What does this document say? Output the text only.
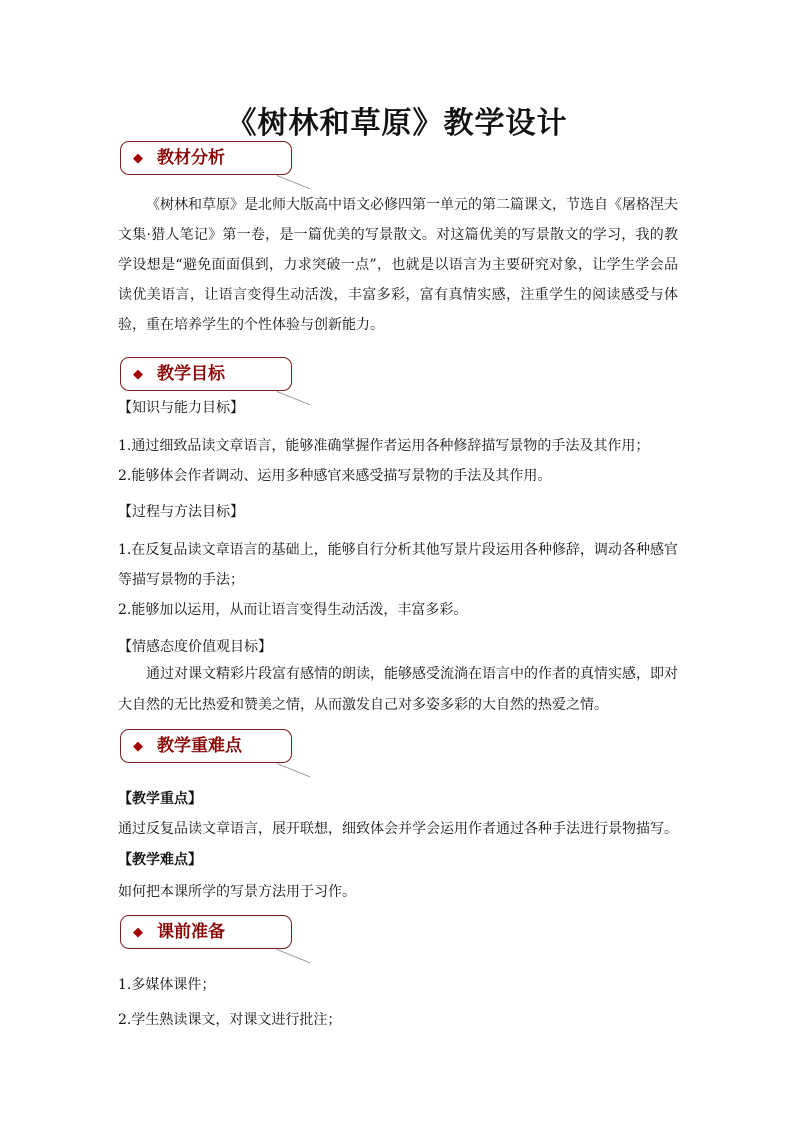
《树林和草原》教学设计
◆ 教材分析

《树林和草原》是北师大版高中语文必修四第一单元的第二篇课文，节选自《屠格涅夫文集·猎人笔记》第一卷，是一篇优美的写景散文。对这篇优美的写景散文的学习，我的教学设想是“避免面面俱到，力求突破一点”，也就是以语言为主要研究对象，让学生学会品读优美语言，让语言变得生动活泼，丰富多彩，富有真情实感，注重学生的阅读感受与体验，重在培养学生的个性体验与创新能力。

◆ 教学目标

【知识与能力目标】

1.通过细致品读文章语言，能够准确掌握作者运用各种修辞描写景物的手法及其作用；

2.能够体会作者调动、运用多种感官来感受描写景物的手法及其作用。

【过程与方法目标】

1.在反复品读文章语言的基础上，能够自行分析其他写景片段运用各种修辞，调动各种感官等描写景物的手法；

2.能够加以运用，从而让语言变得生动活泼，丰富多彩。

【情感态度价值观目标】

通过对课文精彩片段富有感情的朗读，能够感受流淌在语言中的作者的真情实感，即对大自然的无比热爱和赞美之情，从而激发自己对多姿多彩的大自然的热爱之情。

◆ 教学重难点

【教学重点】

通过反复品读文章语言，展开联想，细致体会并学会运用作者通过各种手法进行景物描写。

【教学难点】

如何把本课所学的写景方法用于习作。

◆ 课前准备

1.多媒体课件；

2.学生熟读课文，对课文进行批注；
